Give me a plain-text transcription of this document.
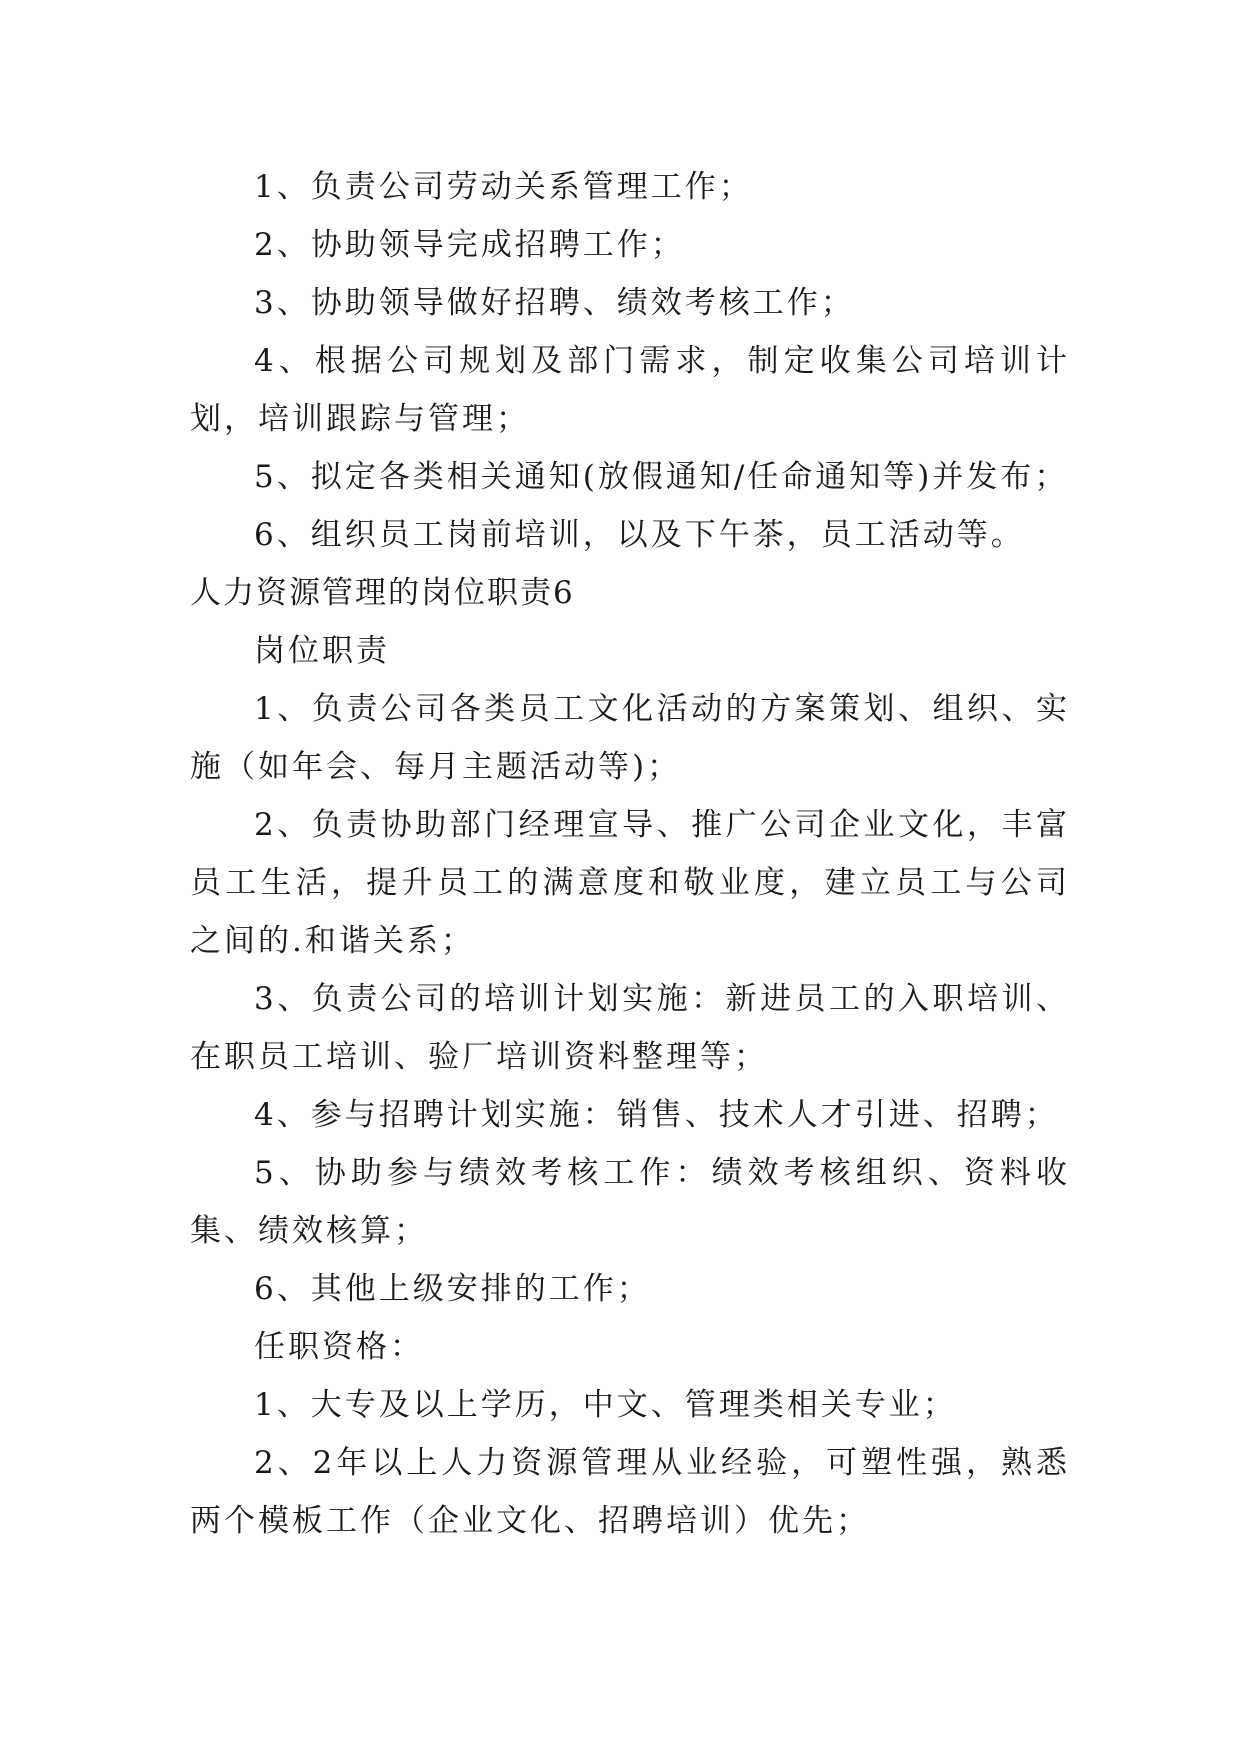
1、负责公司劳动关系管理工作；

2、协助领导完成招聘工作；

3、协助领导做好招聘、绩效考核工作；

4、根据公司规划及部门需求，制定收集公司培训计划，培训跟踪与管理；

5、拟定各类相关通知(放假通知/任命通知等)并发布；

6、组织员工岗前培训，以及下午茶，员工活动等。

人力资源管理的岗位职责6

岗位职责

1、负责公司各类员工文化活动的方案策划、组织、实施（如年会、每月主题活动等)；

2、负责协助部门经理宣导、推广公司企业文化，丰富员工生活，提升员工的满意度和敬业度，建立员工与公司之间的.和谐关系；

3、负责公司的培训计划实施：新进员工的入职培训、在职员工培训、验厂培训资料整理等；

4、参与招聘计划实施：销售、技术人才引进、招聘；

5、协助参与绩效考核工作：绩效考核组织、资料收集、绩效核算；

6、其他上级安排的工作；

任职资格：

1、大专及以上学历，中文、管理类相关专业；

2、2年以上人力资源管理从业经验，可塑性强，熟悉两个模板工作（企业文化、招聘培训）优先；
